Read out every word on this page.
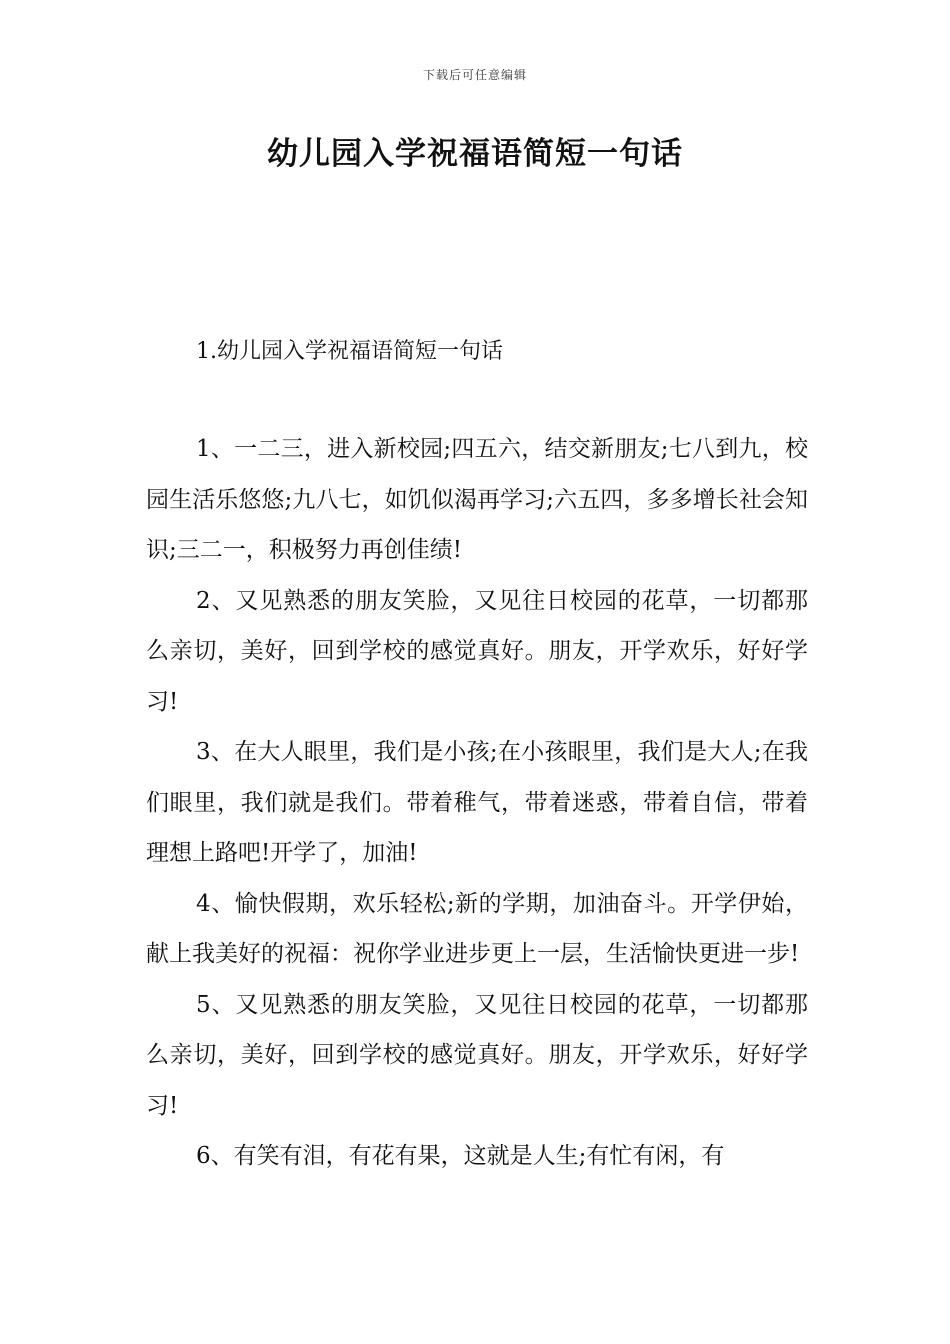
下载后可任意编辑
幼儿园入学祝福语简短一句话
1.幼儿园入学祝福语简短一句话

1、一二三，进入新校园;四五六，结交新朋友;七八到九，校园生活乐悠悠;九八七，如饥似渴再学习;六五四，多多增长社会知识;三二一，积极努力再创佳绩!

2、又见熟悉的朋友笑脸，又见往日校园的花草，一切都那么亲切，美好，回到学校的感觉真好。朋友，开学欢乐，好好学习!

3、在大人眼里，我们是小孩;在小孩眼里，我们是大人;在我们眼里，我们就是我们。带着稚气，带着迷惑，带着自信，带着理想上路吧!开学了，加油!

4、愉快假期，欢乐轻松;新的学期，加油奋斗。开学伊始，献上我美好的祝福：祝你学业进步更上一层，生活愉快更进一步!

5、又见熟悉的朋友笑脸，又见往日校园的花草，一切都那么亲切，美好，回到学校的感觉真好。朋友，开学欢乐，好好学习!

6、有笑有泪，有花有果，这就是人生;有忙有闲，有
